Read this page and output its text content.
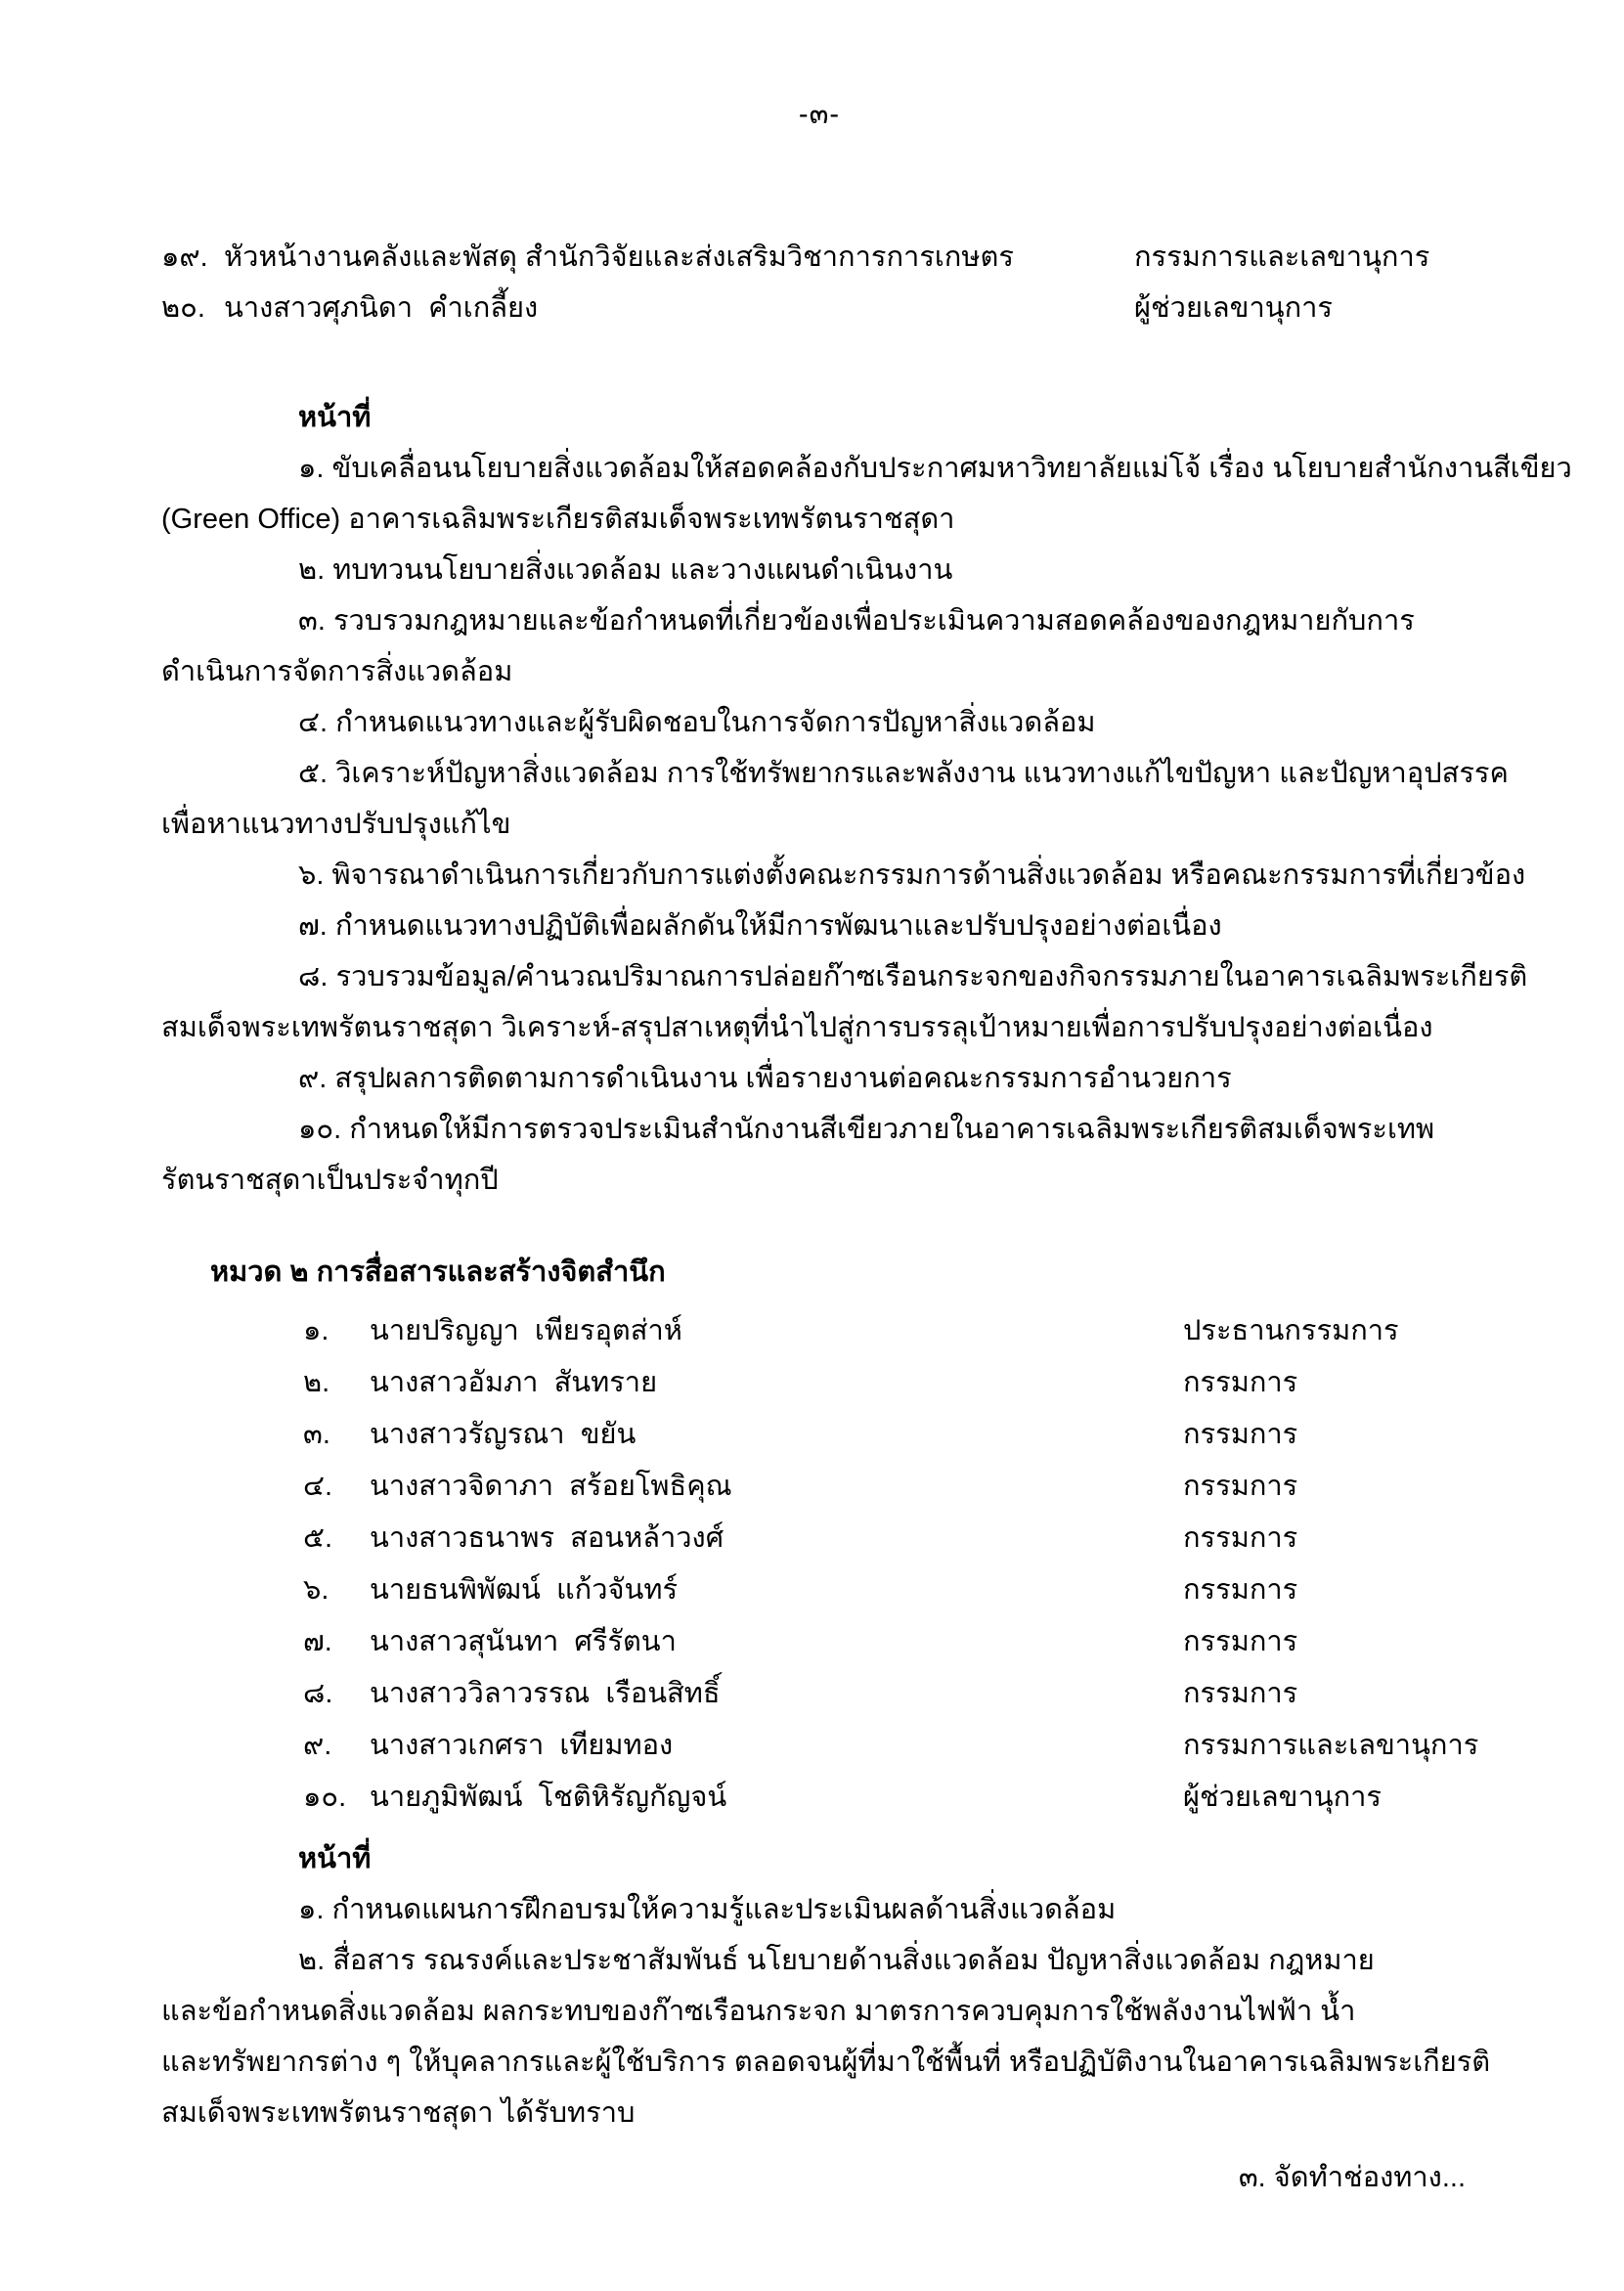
-๓-
๑๙. หัวหน้างานคลังและพัสดุ สำนักวิจัยและส่งเสริมวิชาการการเกษตร	กรรมการและเลขานุการ
๒๐. นางสาวศุภนิดา  คำเกลี้ยง	ผู้ช่วยเลขานุการ
หน้าที่
๑. ขับเคลื่อนนโยบายสิ่งแวดล้อมให้สอดคล้องกับประกาศมหาวิทยาลัยแม่โจ้ เรื่อง นโยบายสำนักงานสีเขียว
(Green Office) อาคารเฉลิมพระเกียรติสมเด็จพระเทพรัตนราชสุดา
๒. ทบทวนนโยบายสิ่งแวดล้อม และวางแผนดำเนินงาน
๓. รวบรวมกฎหมายและข้อกำหนดที่เกี่ยวข้องเพื่อประเมินความสอดคล้องของกฎหมายกับการ
ดำเนินการจัดการสิ่งแวดล้อม
๔. กำหนดแนวทางและผู้รับผิดชอบในการจัดการปัญหาสิ่งแวดล้อม
๕. วิเคราะห์ปัญหาสิ่งแวดล้อม การใช้ทรัพยากรและพลังงาน แนวทางแก้ไขปัญหา และปัญหาอุปสรรค
เพื่อหาแนวทางปรับปรุงแก้ไข
๖. พิจารณาดำเนินการเกี่ยวกับการแต่งตั้งคณะกรรมการด้านสิ่งแวดล้อม หรือคณะกรรมการที่เกี่ยวข้อง
๗. กำหนดแนวทางปฏิบัติเพื่อผลักดันให้มีการพัฒนาและปรับปรุงอย่างต่อเนื่อง
๘. รวบรวมข้อมูล/คำนวณปริมาณการปล่อยก๊าซเรือนกระจกของกิจกรรมภายในอาคารเฉลิมพระเกียรติ
สมเด็จพระเทพรัตนราชสุดา วิเคราะห์-สรุปสาเหตุที่นำไปสู่การบรรลุเป้าหมายเพื่อการปรับปรุงอย่างต่อเนื่อง
๙. สรุปผลการติดตามการดำเนินงาน เพื่อรายงานต่อคณะกรรมการอำนวยการ
๑๐. กำหนดให้มีการตรวจประเมินสำนักงานสีเขียวภายในอาคารเฉลิมพระเกียรติสมเด็จพระเทพ
รัตนราชสุดาเป็นประจำทุกปี
หมวด ๒ การสื่อสารและสร้างจิตสำนึก
๑.	นายปริญญา  เพียรอุตส่าห์	ประธานกรรมการ
๒.	นางสาวอัมภา  สันทราย	กรรมการ
๓.	นางสาวรัญรณา  ขยัน	กรรมการ
๔.	นางสาวจิดาภา  สร้อยโพธิคุณ	กรรมการ
๕.	นางสาวธนาพร  สอนหล้าวงศ์	กรรมการ
๖.	นายธนพิพัฒน์  แก้วจันทร์	กรรมการ
๗.	นางสาวสุนันทา  ศรีรัตนา	กรรมการ
๘.	นางสาววิลาวรรณ  เรือนสิทธิ์	กรรมการ
๙.	นางสาวเกศรา  เทียมทอง	กรรมการและเลขานุการ
๑๐. นายภูมิพัฒน์  โชติหิรัญกัญจน์	ผู้ช่วยเลขานุการ
หน้าที่
๑. กำหนดแผนการฝึกอบรมให้ความรู้และประเมินผลด้านสิ่งแวดล้อม
๒. สื่อสาร รณรงค์และประชาสัมพันธ์ นโยบายด้านสิ่งแวดล้อม ปัญหาสิ่งแวดล้อม กฎหมาย
และข้อกำหนดสิ่งแวดล้อม ผลกระทบของก๊าซเรือนกระจก มาตรการควบคุมการใช้พลังงานไฟฟ้า น้ำ
และทรัพยากรต่าง ๆ ให้บุคลากรและผู้ใช้บริการ ตลอดจนผู้ที่มาใช้พื้นที่ หรือปฏิบัติงานในอาคารเฉลิมพระเกียรติ
สมเด็จพระเทพรัตนราชสุดา ได้รับทราบ
๓. จัดทำช่องทาง...
